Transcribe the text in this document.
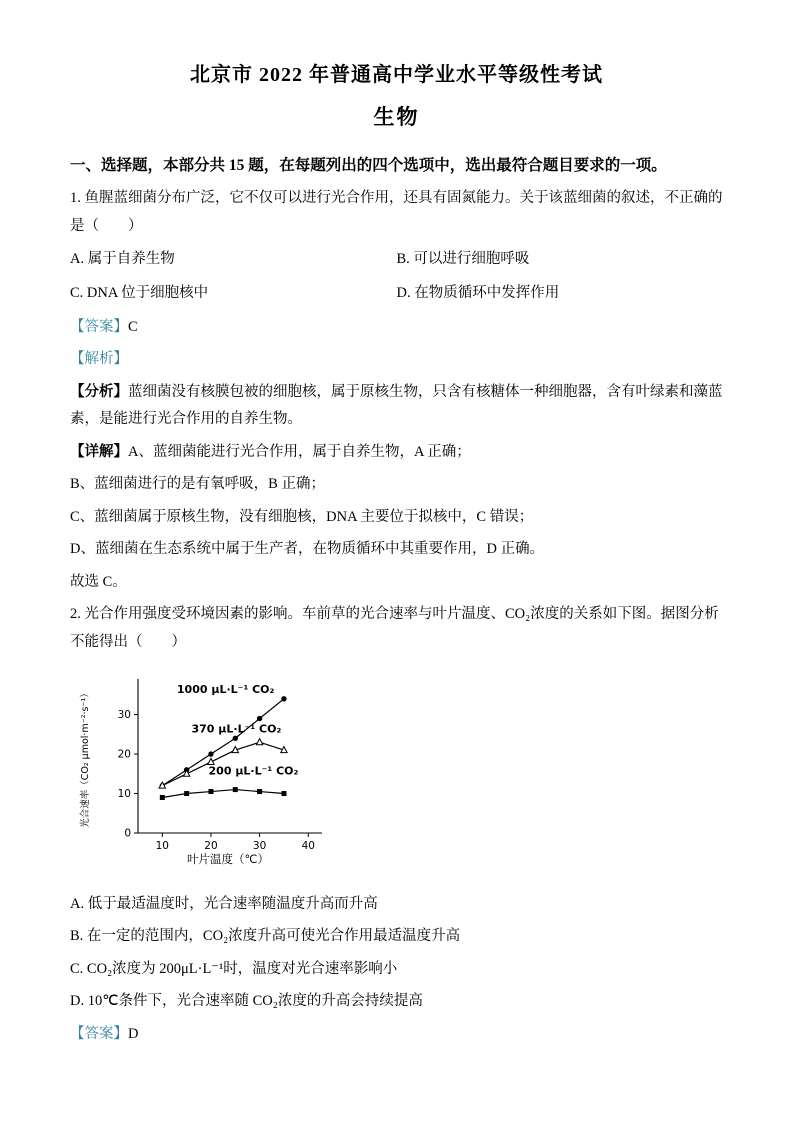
北京市 2022 年普通高中学业水平等级性考试
生物
一、选择题，本部分共 15 题，在每题列出的四个选项中，选出最符合题目要求的一项。

1. 鱼腥蓝细菌分布广泛，它不仅可以进行光合作用，还具有固氮能力。关于该蓝细菌的叙述，不正确的是（　　）

A. 属于自养生物	B. 可以进行细胞呼吸
C. DNA 位于细胞核中	D. 在物质循环中发挥作用

【答案】C

【解析】

【分析】蓝细菌没有核膜包被的细胞核，属于原核生物，只含有核糖体一种细胞器，含有叶绿素和藻蓝素，是能进行光合作用的自养生物。

【详解】A、蓝细菌能进行光合作用，属于自养生物，A 正确；

B、蓝细菌进行的是有氧呼吸，B 正确；

C、蓝细菌属于原核生物，没有细胞核，DNA 主要位于拟核中，C 错误；

D、蓝细菌在生态系统中属于生产者，在物质循环中其重要作用，D 正确。

故选 C。

2. 光合作用强度受环境因素的影响。车前草的光合速率与叶片温度、CO₂浓度的关系如下图。据图分析不能得出（　　）

10	20	30	40
0
10
20
30
1000 μL·L⁻¹ CO₂
370 μL·L⁻¹ CO₂
200 μL·L⁻¹ CO₂
叶片温度（℃）
光合速率（CO₂ μmol·m⁻²·s⁻¹）

A. 低于最适温度时，光合速率随温度升高而升高

B. 在一定的范围内，CO₂浓度升高可使光合作用最适温度升高

C. CO₂浓度为 200μL·L⁻¹时，温度对光合速率影响小

D. 10℃条件下，光合速率随 CO₂浓度的升高会持续提高

【答案】D
